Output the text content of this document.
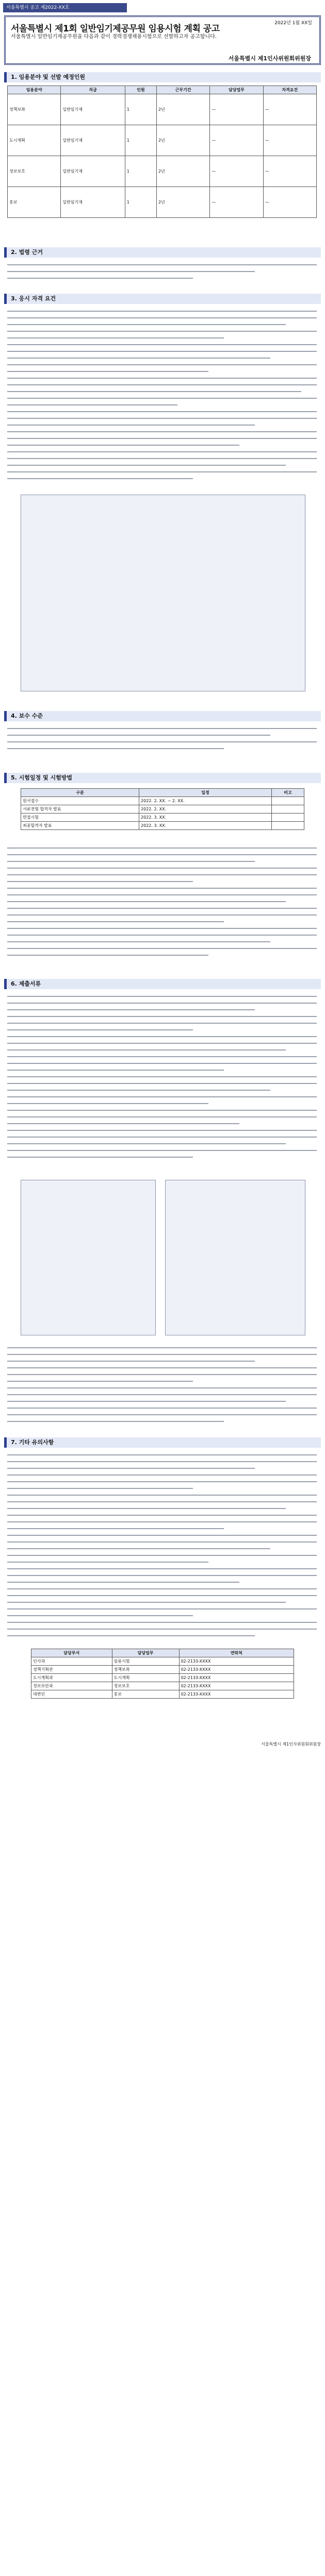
서울특별시 공고 제2022-XX호
2022년 1월 XX일
서울특별시 제1회 일반임기제공무원 임용시험 계획 공고
서울특별시 일반임기제공무원을 다음과 같이 경력경쟁채용시험으로 선발하고자 공고합니다.
서울특별시 제1인사위원회위원장
1. 임용분야 및 선발 예정인원
임용분야	직급	인원	근무기간	담당업무	자격요건
정책보좌	일반임기제	1	2년	—	—
도시계획	일반임기제	1	2년	—	—
정보보호	일반임기제	1	2년	—	—
홍보	일반임기제	1	2년	—	—
2. 법령 근거
3. 응시 자격 요건
4. 보수 수준
5. 시험일정 및 시험방법
구분	일정	비고
원서접수	2022. 2. XX. ~ 2. XX.	
서류전형 합격자 발표	2022. 2. XX.	
면접시험	2022. 3. XX.	
최종합격자 발표	2022. 3. XX.	
6. 제출서류
7. 기타 유의사항
담당부서	담당업무	연락처
인사과	임용시험	02-2133-XXXX
정책기획관	정책보좌	02-2133-XXXX
도시계획과	도시계획	02-2133-XXXX
정보보안과	정보보호	02-2133-XXXX
대변인	홍보	02-2133-XXXX
서울특별시 제1인사위원회위원장
